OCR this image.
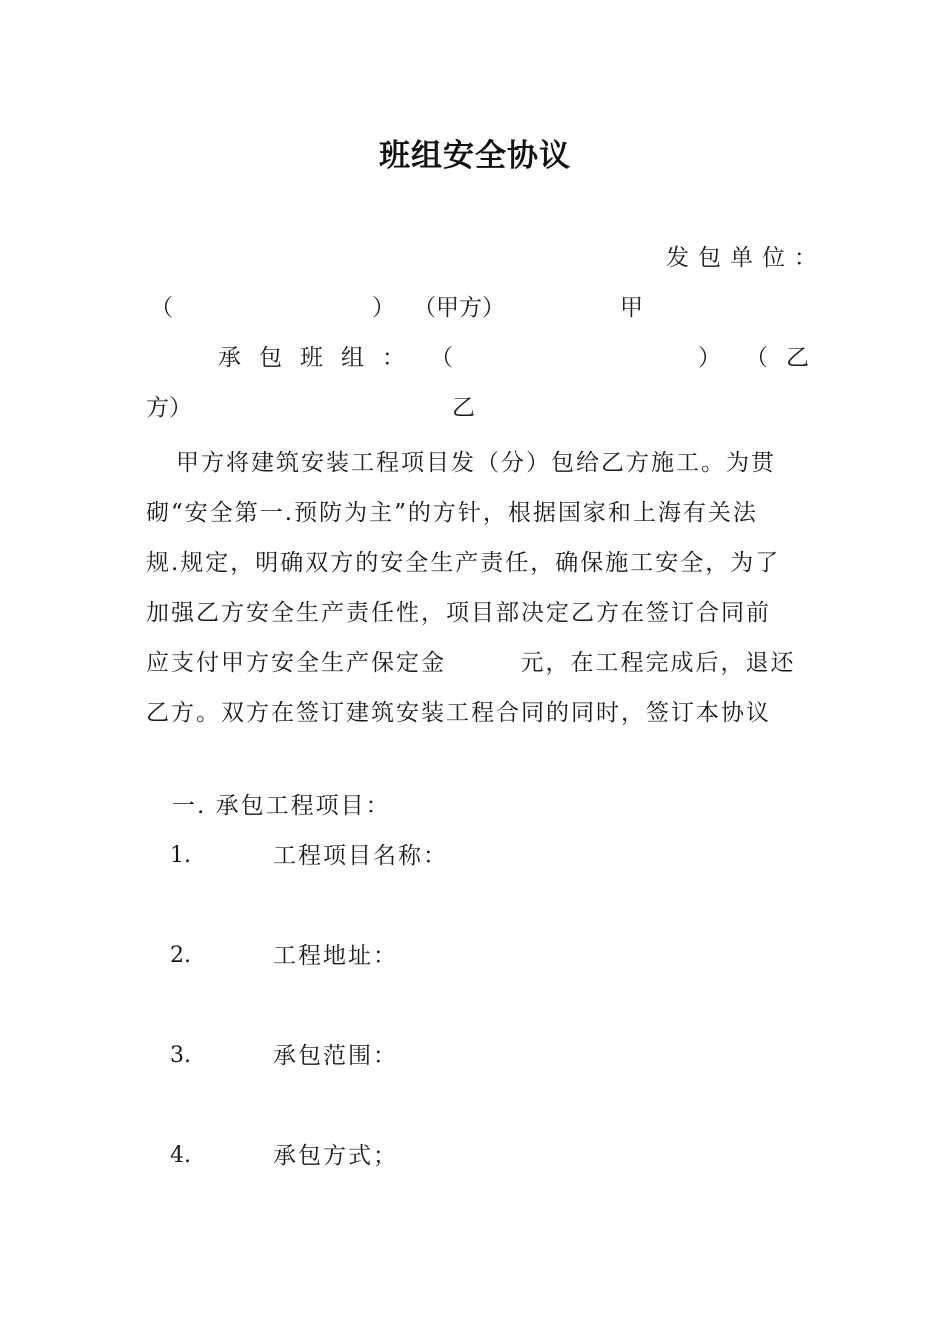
班组安全协议
发包单位：
（	） （甲方）	甲
承包班组： （	） （乙
方）	乙
甲方将建筑安装工程项目发（分）包给乙方施工。为贯
砌“安全第一.预防为主”的方针，根据国家和上海有关法
规.规定，明确双方的安全生产责任，确保施工安全，为了
加强乙方安全生产责任性，项目部决定乙方在签订合同前
应支付甲方安全生产保定金        元，在工程完成后，退还
乙方。双方在签订建筑安装工程合同的同时，签订本协议
一. 承包工程项目：
1.	工程项目名称：
2.	工程地址：
3.	承包范围：
4.	承包方式；
